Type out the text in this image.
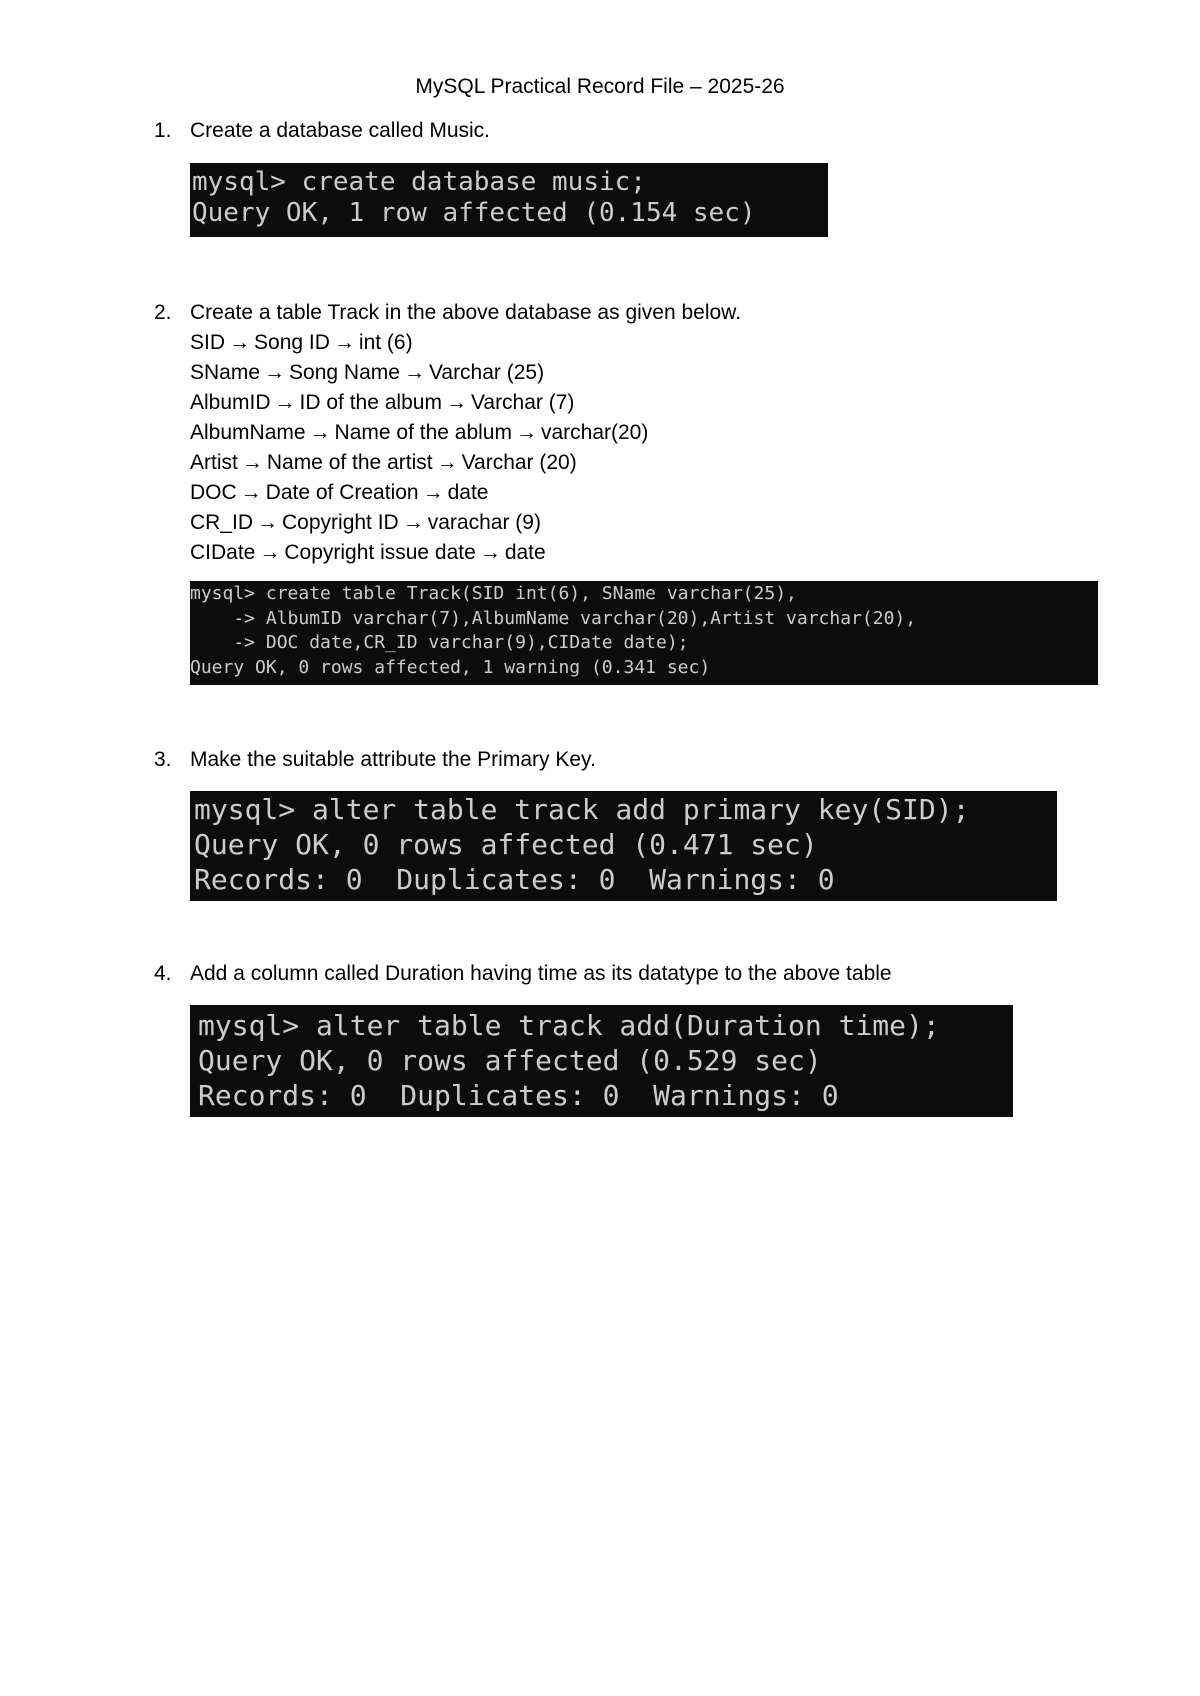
MySQL Practical Record File – 2025-26
1. Create a database called Music.
mysql> create database music;
Query OK, 1 row affected (0.154 sec)
2. Create a table Track in the above database as given below.
SID → Song ID → int (6)
SName → Song Name → Varchar (25)
AlbumID → ID of the album → Varchar (7)
AlbumName → Name of the ablum → varchar(20)
Artist → Name of the artist → Varchar (20)
DOC → Date of Creation → date
CR_ID → Copyright ID → varachar (9)
CIDate → Copyright issue date → date
mysql> create table Track(SID int(6), SName varchar(25),
-> AlbumID varchar(7),AlbumName varchar(20),Artist varchar(20),
-> DOC date,CR_ID varchar(9),CIDate date);
Query OK, 0 rows affected, 1 warning (0.341 sec)
3. Make the suitable attribute the Primary Key.
mysql> alter table track add primary key(SID);
Query OK, 0 rows affected (0.471 sec)
Records: 0  Duplicates: 0  Warnings: 0
4. Add a column called Duration having time as its datatype to the above table
mysql> alter table track add(Duration time);
Query OK, 0 rows affected (0.529 sec)
Records: 0  Duplicates: 0  Warnings: 0
